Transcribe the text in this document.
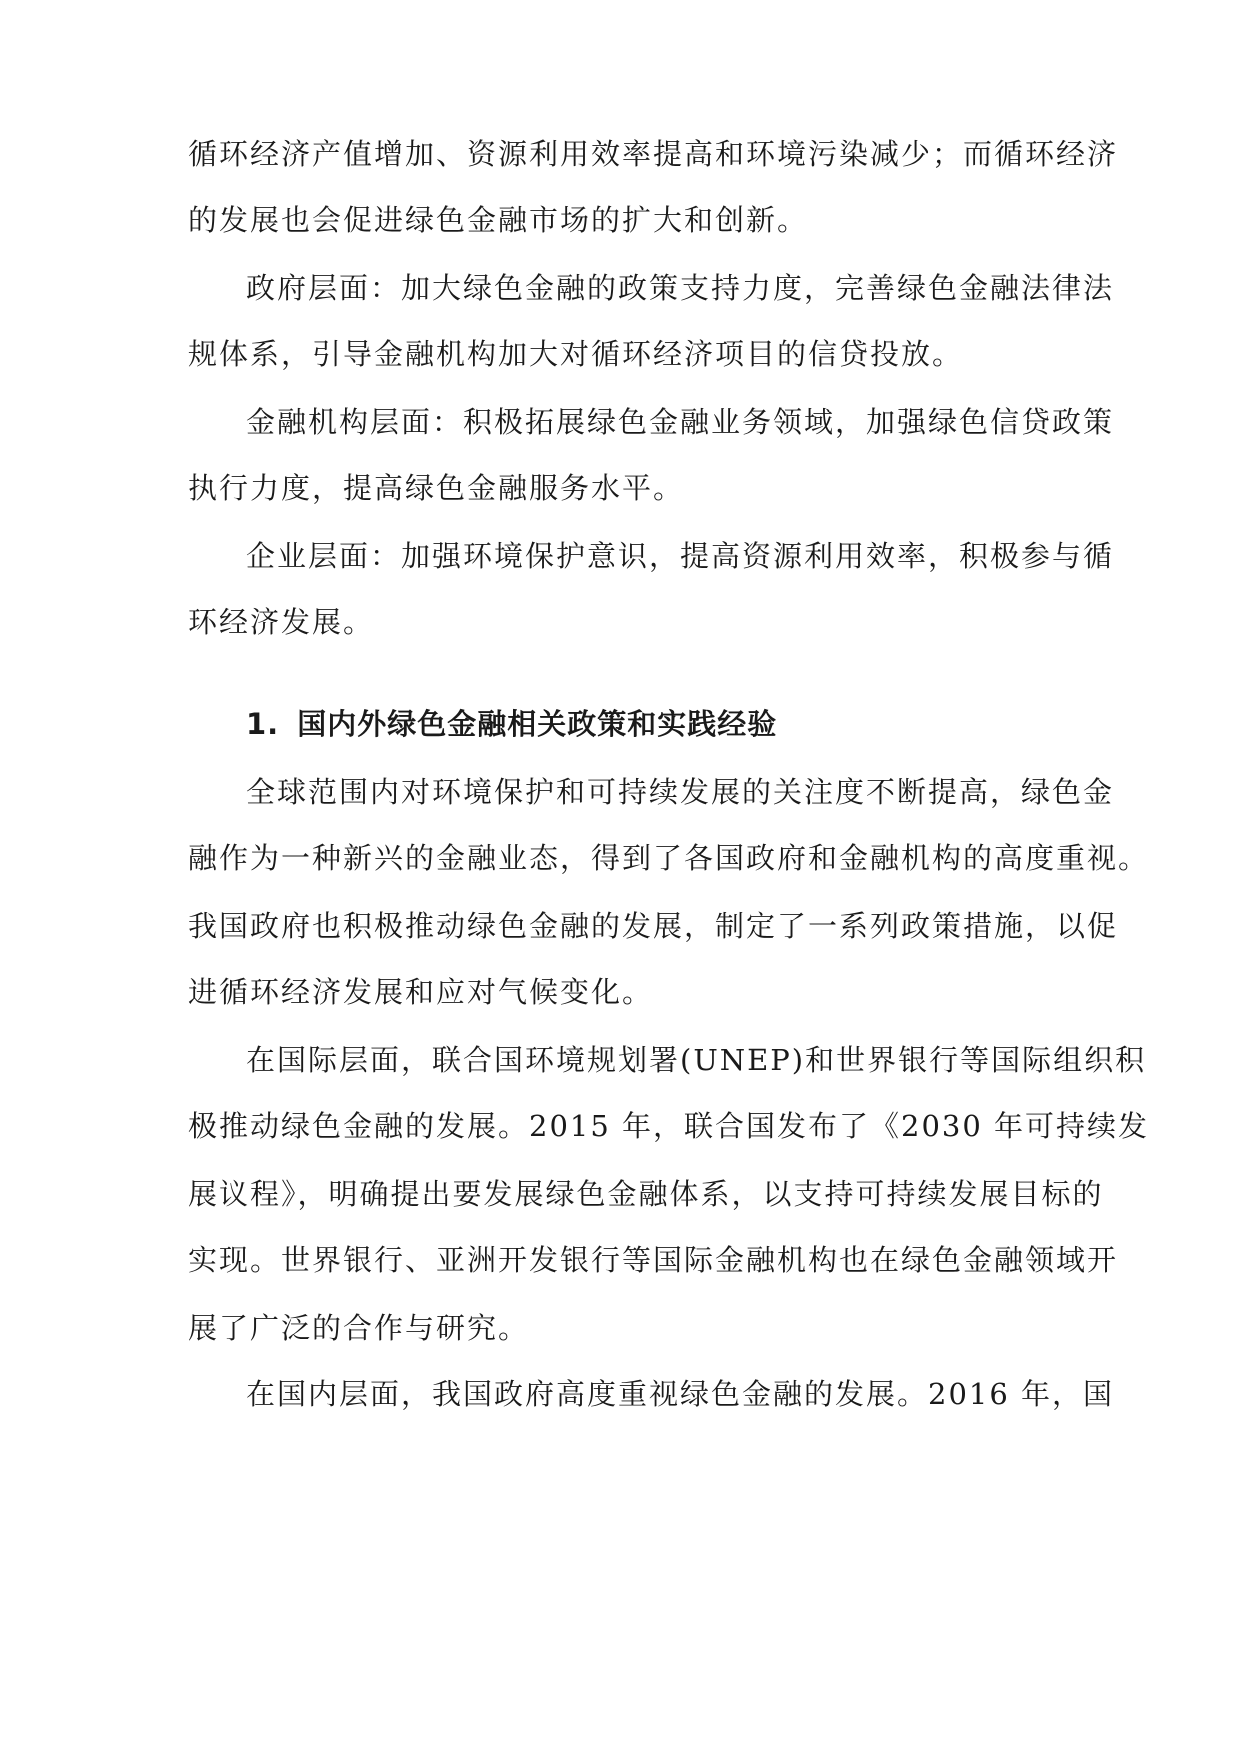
循环经济产值增加、资源利用效率提高和环境污染减少；而循环经济
的发展也会促进绿色金融市场的扩大和创新。
政府层面：加大绿色金融的政策支持力度，完善绿色金融法律法
规体系，引导金融机构加大对循环经济项目的信贷投放。
金融机构层面：积极拓展绿色金融业务领域，加强绿色信贷政策
执行力度，提高绿色金融服务水平。
企业层面：加强环境保护意识，提高资源利用效率，积极参与循
环经济发展。
1. 国内外绿色金融相关政策和实践经验
全球范围内对环境保护和可持续发展的关注度不断提高，绿色金
融作为一种新兴的金融业态，得到了各国政府和金融机构的高度重视。
我国政府也积极推动绿色金融的发展，制定了一系列政策措施，以促
进循环经济发展和应对气候变化。
在国际层面，联合国环境规划署(UNEP)和世界银行等国际组织积
极推动绿色金融的发展。2015 年，联合国发布了《2030 年可持续发
展议程》，明确提出要发展绿色金融体系，以支持可持续发展目标的
实现。世界银行、亚洲开发银行等国际金融机构也在绿色金融领域开
展了广泛的合作与研究。
在国内层面，我国政府高度重视绿色金融的发展。2016 年，国
